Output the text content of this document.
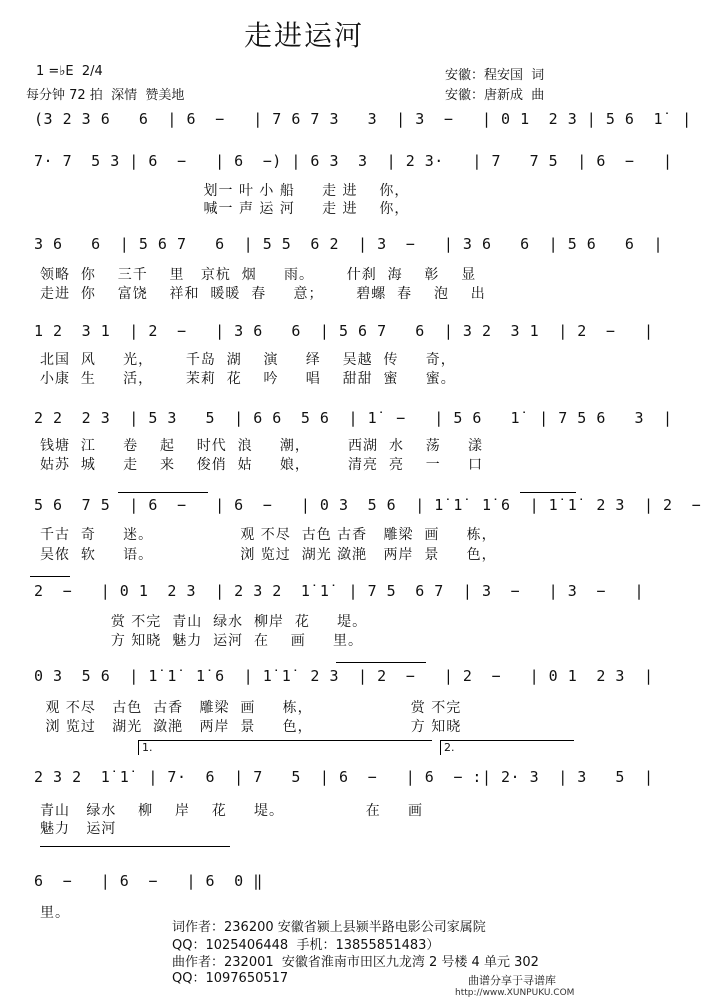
走进运河
1 =♭E  2/4
每分钟 72 拍  深情  赞美地
安徽：程安国  词
安徽：唐新成  曲
(3 2 3 6   6  | 6  −   | 7 6 7 3   3  | 3  −   | 0 1  2 3 | 5 6  1̇  |
7· 7  5 3 | 6  −   | 6  −) | 6 3  3  | 2 3·   | 7   7 5  | 6  −   |
划一 叶 小 船     走 进    你，
喊一 声 运 河     走 进    你，
3 6   6  | 5 6 7   6  | 5 5  6 2  | 3  −   | 3 6   6  | 5 6   6  |
领略  你    三千    里   京杭  烟     雨。      什刹  海    彰    显
走进  你    富饶    祥和  暖暖  春     意；      碧螺  春    泡    出
1 2  3 1  | 2  −   | 3 6   6  | 5 6 7   6  | 3 2  3 1  | 2  −   |
北国  风     光，      千岛  湖    演     绎    吴越  传     奇，
小康  生     活，      茉莉  花    吟     唱    甜甜  蜜     蜜。
2 2  2 3  | 5 3   5  | 6 6  5 6  | 1̇  −   | 5 6   1̇  | 7 5 6   3  |
钱塘  江     卷    起    时代  浪     潮，       西湖  水    荡     漾
姑苏  城     走    来    俊俏  姑     娘，       清亮  亮    一     口
5 6  7 5  | 6  −   | 6  −   | 0 3  5 6  | 1̇ 1̇  1̇ 6  | 1̇ 1̇  2 3  | 2  −
千古  奇     迷。                观 不尽  古色 古香   雕梁  画     栋，
吴侬  软     语。                浏 览过  湖光 潋滟   两岸  景     色，
2  −   | 0 1  2 3  | 2 3 2  1̇ 1̇  | 7 5  6 7  | 3  −   | 3  −   |
赏 不完  青山  绿水  柳岸  花     堤。
方 知晓  魅力  运河  在    画     里。
0 3  5 6  | 1̇ 1̇  1̇ 6  | 1̇ 1̇  2 3  | 2  −   | 2  −   | 0 1  2 3  |
观 不尽   古色  古香   雕梁  画     栋，                  赏 不完
浏 览过   湖光  潋滟   两岸  景     色，                  方 知晓
1.	2.
2 3 2  1̇ 1̇  | 7·  6  | 7   5  | 6  −   | 6  − :| 2· 3  | 3   5  |
青山   绿水    柳    岸    花     堤。               在     画
魅力   运河
6  −   | 6  −   | 6  0 ‖
里。
词作者：236200 安徽省颍上县颍半路电影公司家属院
QQ：1025406448  手机：13855851483）
曲作者：232001  安徽省淮南市田区九龙湾 2 号楼 4 单元 302
QQ：1097650517	曲谱分享于寻谱库
http://www.XUNPUKU.COM
